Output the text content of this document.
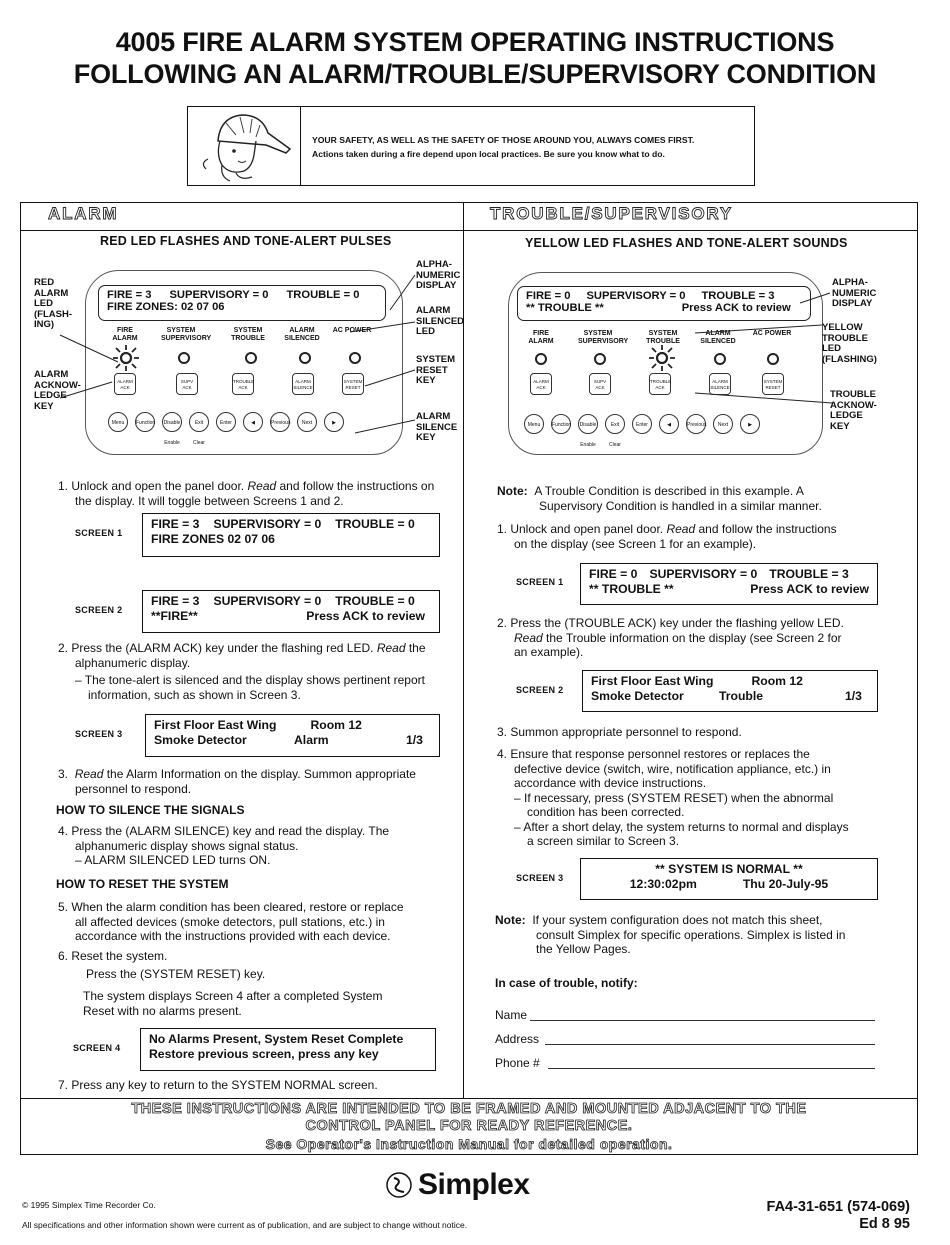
4005 FIRE ALARM SYSTEM OPERATING INSTRUCTIONS
FOLLOWING AN ALARM/TROUBLE/SUPERVISORY CONDITION
YOUR SAFETY, AS WELL AS THE SAFETY OF THOSE AROUND YOU, ALWAYS COMES FIRST.
Actions taken during a fire depend upon local practices. Be sure you know what to do.
ALARM
RED LED FLASHES AND TONE-ALERT PULSES
FIRE = 3 SUPERVISORY = 0 TROUBLE = 0
FIRE ZONES: 02 07 06
FIRE ALARM
SYSTEM SUPERVISORY
SYSTEM TROUBLE
ALARM SILENCED
AC POWER
ALARM ACK
SUPV ACK
TROUBLE ACK
ALARM SILENCE
SYSTEM RESET
Menu	Function	Disable Enable
Exit Clear
Enter	◀	Previous	Next	▶
RED ALARM LED (FLASH-ING)
ALARM ACKNOW-LEDGE KEY
ALPHA-NUMERIC DISPLAY
ALARM SILENCED LED
SYSTEM RESET KEY
ALARM SILENCE KEY
1. Unlock and open the panel door. Read and follow the instructions on
the display. It will toggle between Screens 1 and 2.
SCREEN 1
FIRE = 3 SUPERVISORY = 0 TROUBLE = 0
FIRE ZONES 02 07 06
SCREEN 2
FIRE = 3 SUPERVISORY = 0 TROUBLE = 0
**FIRE**	Press ACK to review
2. Press the (ALARM ACK) key under the flashing red LED. Read the
alphanumeric display.
– The tone-alert is silenced and the display shows pertinent report
information, such as shown in Screen 3.
SCREEN 3
First Floor East Wing	Room 12
Smoke Detector	Alarm	1/3
3.  Read the Alarm Information on the display. Summon appropriate
personnel to respond.
HOW TO SILENCE THE SIGNALS
4. Press the (ALARM SILENCE) key and read the display. The
alphanumeric display shows signal status.
– ALARM SILENCED LED turns ON.
HOW TO RESET THE SYSTEM
5. When the alarm condition has been cleared, restore or replace
all affected devices (smoke detectors, pull stations, etc.) in
accordance with the instructions provided with each device.
6. Reset the system.
Press the (SYSTEM RESET) key.
The system displays Screen 4 after a completed System
Reset with no alarms present.
SCREEN 4
No Alarms Present, System Reset Complete
Restore previous screen, press any key
7. Press any key to return to the SYSTEM NORMAL screen.
TROUBLE/SUPERVISORY
YELLOW LED FLASHES AND TONE-ALERT SOUNDS
FIRE = 0 SUPERVISORY = 0 TROUBLE = 3
** TROUBLE **	Press ACK to review
FIRE ALARM
SYSTEM SUPERVISORY
SYSTEM TROUBLE
ALARM SILENCED
AC POWER
ALARM ACK
SUPV ACK
TROUBLE ACK
ALARM SILENCE
SYSTEM RESET
Menu	Function	Disable Enable
Exit Clear
Enter	◀	Previous	Next	▶
ALPHA-NUMERIC DISPLAY
YELLOW TROUBLE LED (FLASHING)
TROUBLE ACKNOW-LEDGE KEY
Note: A Trouble Condition is described in this example. A
Supervisory Condition is handled in a similar manner.
1. Unlock and open panel door. Read and follow the instructions
on the display (see Screen 1 for an example).
SCREEN 1
FIRE = 0 SUPERVISORY = 0 TROUBLE = 3
** TROUBLE **	Press ACK to review
2. Press the (TROUBLE ACK) key under the flashing yellow LED.
Read the Trouble information on the display (see Screen 2 for
an example).
SCREEN 2
First Floor East Wing	Room 12
Smoke Detector	Trouble	1/3
3. Summon appropriate personnel to respond.
4. Ensure that response personnel restores or replaces the
defective device (switch, wire, notification appliance, etc.) in
accordance with device instructions.
– If necessary, press (SYSTEM RESET) when the abnormal
condition has been corrected.
– After a short delay, the system returns to normal and displays
a screen similar to Screen 3.
SCREEN 3
** SYSTEM IS NORMAL **
12:30:02pm	Thu 20-July-95
Note: If your system configuration does not match this sheet,
consult Simplex for specific operations. Simplex is listed in
the Yellow Pages.
In case of trouble, notify:
Name
Address
Phone #
THESE INSTRUCTIONS ARE INTENDED TO BE FRAMED AND MOUNTED ADJACENT TO THE
CONTROL PANEL FOR READY REFERENCE.
See Operator's Instruction Manual for detailed operation.
Simplex
© 1995 Simplex Time Recorder Co.
All specifications and other information shown were current as of publication, and are subject to change without notice.
FA4-31-651 (574-069)
Ed 8 95
